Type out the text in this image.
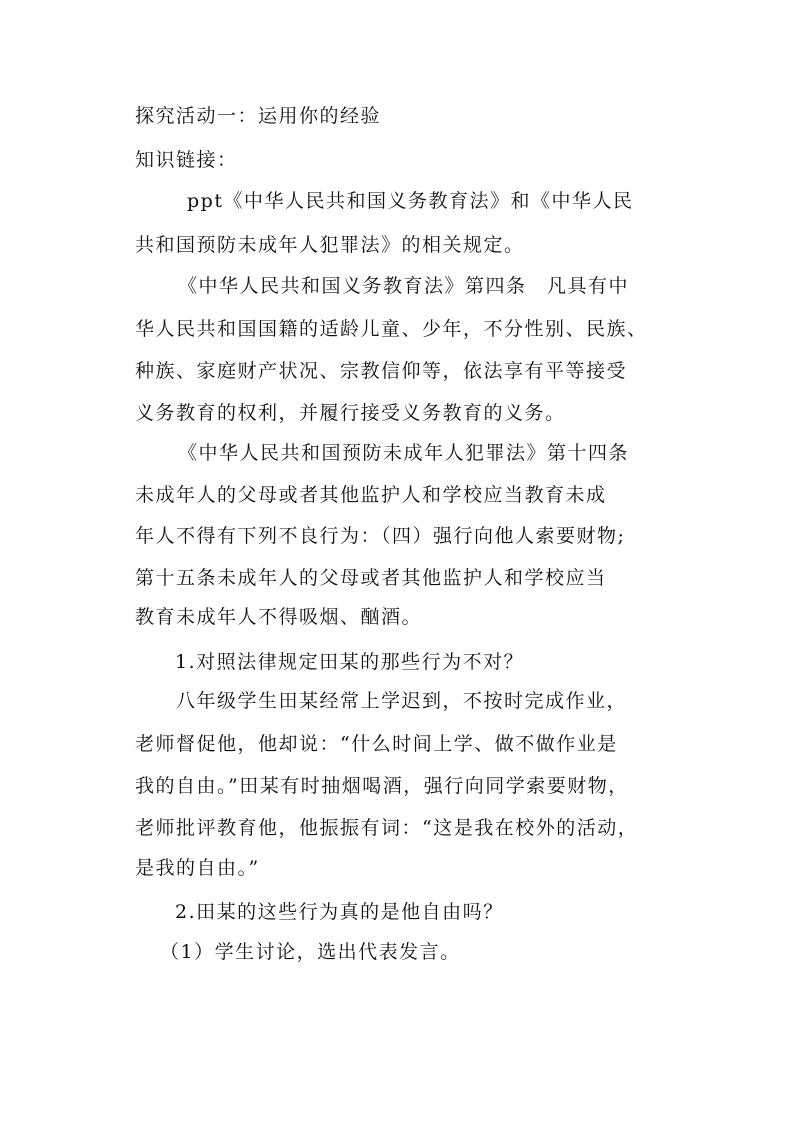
探究活动一：运用你的经验
知识链接：
ppt《中华人民共和国义务教育法》和《中华人民
共和国预防未成年人犯罪法》的相关规定。
《中华人民共和国义务教育法》第四条　凡具有中
华人民共和国国籍的适龄儿童、少年，不分性别、民族、
种族、家庭财产状况、宗教信仰等，依法享有平等接受
义务教育的权利，并履行接受义务教育的义务。
《中华人民共和国预防未成年人犯罪法》第十四条
未成年人的父母或者其他监护人和学校应当教育未成
年人不得有下列不良行为：（四）强行向他人索要财物;
第十五条未成年人的父母或者其他监护人和学校应当
教育未成年人不得吸烟、酗酒。
1.对照法律规定田某的那些行为不对？
八年级学生田某经常上学迟到，不按时完成作业，
老师督促他，他却说：“什么时间上学、做不做作业是
我的自由。”田某有时抽烟喝酒，强行向同学索要财物，
老师批评教育他，他振振有词：“这是我在校外的活动，
是我的自由。”
2.田某的这些行为真的是他自由吗？
（1）学生讨论，选出代表发言。
